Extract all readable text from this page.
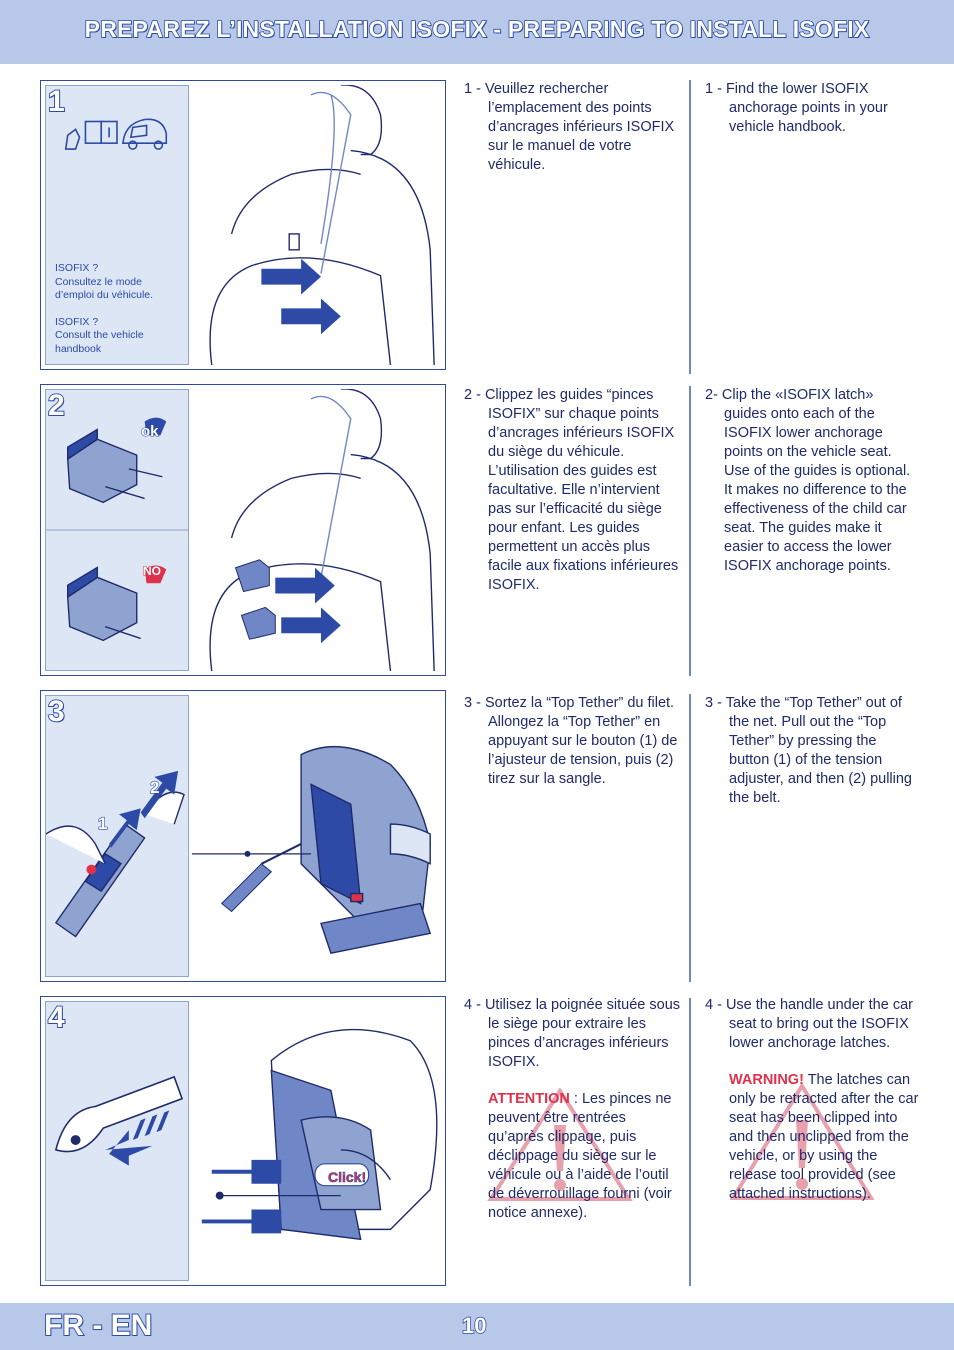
PREPAREZ L’INSTALLATION ISOFIX - PREPARING TO INSTALL ISOFIX
1
ISOFIX ?
Consultez le mode
d’emploi du véhicule.
ISOFIX ?
Consult the vehicle
handbook

1 - Veuillez rechercher l’emplacement des points d’ancrages inférieurs ISOFIX sur le manuel de votre véhicule.

1 - Find the lower ISOFIX anchorage points in your vehicle handbook.

2
ok
NO

2 - Clippez les guides “pinces ISOFIX” sur chaque points d’ancrages inférieurs ISOFIX du siège du véhicule. L’utilisation des guides est facultative. Elle n’intervient pas sur l’efficacité du siège pour enfant. Les guides permettent un accès plus facile aux fixations inférieures ISOFIX.

2- Clip the «ISOFIX latch» guides onto each of the ISOFIX lower anchorage points on the vehicle seat. Use of the guides is optional. It makes no difference to the effectiveness of the child car seat. The guides make it easier to access the lower ISOFIX anchorage points.

3
1
2

3 - Sortez la “Top Tether” du filet. Allongez la “Top Tether” en appuyant sur le bouton (1) de l’ajusteur de tension, puis (2) tirez sur la sangle.

3 - Take the “Top Tether” out of the net. Pull out the “Top Tether” by pressing the button (1) of the tension adjuster, and then (2) pulling the belt.

4
Click!

4 - Utilisez la poignée située sous le siège pour extraire les pinces d’ancrages inférieurs ISOFIX.

ATTENTION : Les pinces ne peuvent être rentrées qu’après clippage, puis déclippage du siège sur le véhicule ou à l’aide de l’outil de déverrouillage fourni (voir notice annexe).

4 - Use the handle under the car seat to bring out the ISOFIX lower anchorage latches.

WARNING! The latches can only be retracted after the car seat has been clipped into and then unclipped from the vehicle, or by using the release tool provided (see attached instructions).

FR - EN	10
